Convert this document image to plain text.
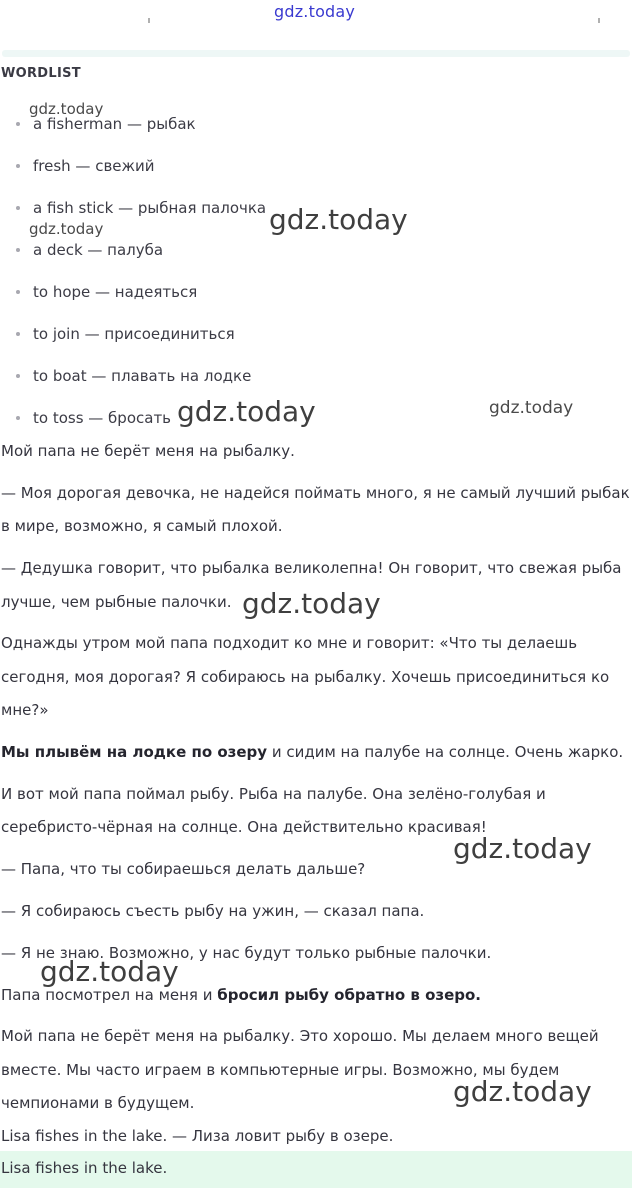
gdz.today
WORDLIST
a fisherman — рыбак
fresh — свежий
a fish stick — рыбная палочка
a deck — палуба
to hope — надеяться
to join — присоединиться
to boat — плавать на лодке
to toss — бросать
Мой папа не берёт меня на рыбалку.
— Моя дорогая девочка, не надейся поймать много, я не самый лучший рыбак
в мире, возможно, я самый плохой.
— Дедушка говорит, что рыбалка великолепна! Он говорит, что свежая рыба
лучше, чем рыбные палочки.
Однажды утром мой папа подходит ко мне и говорит: «Что ты делаешь
сегодня, моя дорогая? Я собираюсь на рыбалку. Хочешь присоединиться ко
мне?»
Мы плывём на лодке по озеру и сидим на палубе на солнце. Очень жарко.
И вот мой папа поймал рыбу. Рыба на палубе. Она зелёно-голубая и
серебристо-чёрная на солнце. Она действительно красивая!
— Папа, что ты собираешься делать дальше?
— Я собираюсь съесть рыбу на ужин, — сказал папа.
— Я не знаю. Возможно, у нас будут только рыбные палочки.
Папа посмотрел на меня и бросил рыбу обратно в озеро.
Мой папа не берёт меня на рыбалку. Это хорошо. Мы делаем много вещей
вместе. Мы часто играем в компьютерные игры. Возможно, мы будем
чемпионами в будущем.
Lisa fishes in the lake. — Лиза ловит рыбу в озере.
Lisa fishes in the lake.
gdz.today
gdz.today
gdz.today
gdz.today	gdz.today
gdz.today
gdz.today
gdz.today
gdz.today
